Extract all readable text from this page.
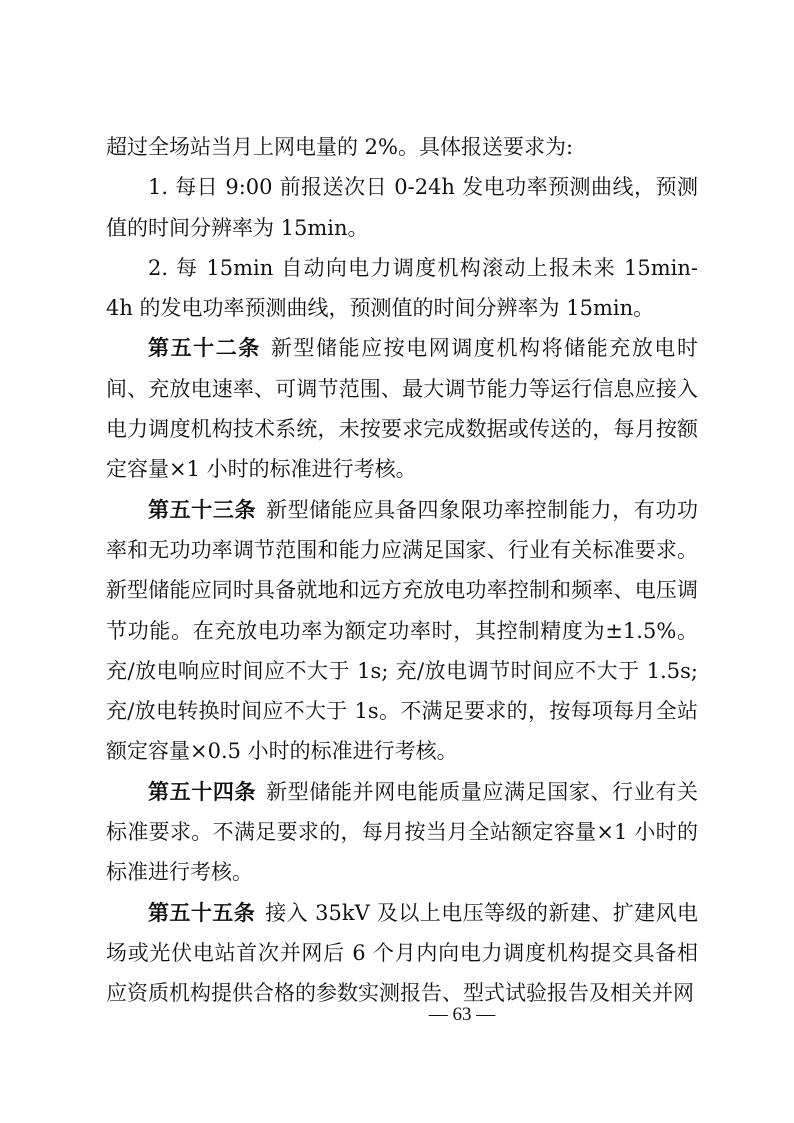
超过全场站当月上网电量的 2%。具体报送要求为:

1. 每日 9:00 前报送次日 0-24h 发电功率预测曲线，预测值的时间分辨率为 15min。

2. 每 15min 自动向电力调度机构滚动上报未来 15min-4h 的发电功率预测曲线，预测值的时间分辨率为 15min。

第五十二条 新型储能应按电网调度机构将储能充放电时间、充放电速率、可调节范围、最大调节能力等运行信息应接入电力调度机构技术系统，未按要求完成数据或传送的，每月按额定容量×1 小时的标准进行考核。

第五十三条 新型储能应具备四象限功率控制能力，有功功率和无功功率调节范围和能力应满足国家、行业有关标准要求。新型储能应同时具备就地和远方充放电功率控制和频率、电压调节功能。在充放电功率为额定功率时，其控制精度为±1.5%。充/放电响应时间应不大于 1s; 充/放电调节时间应不大于 1.5s; 充/放电转换时间应不大于 1s。不满足要求的，按每项每月全站额定容量×0.5 小时的标准进行考核。

第五十四条 新型储能并网电能质量应满足国家、行业有关标准要求。不满足要求的，每月按当月全站额定容量×1 小时的标准进行考核。

第五十五条 接入 35kV 及以上电压等级的新建、扩建风电场或光伏电站首次并网后 6 个月内向电力调度机构提交具备相应资质机构提供合格的参数实测报告、型式试验报告及相关并网

— 63 —
